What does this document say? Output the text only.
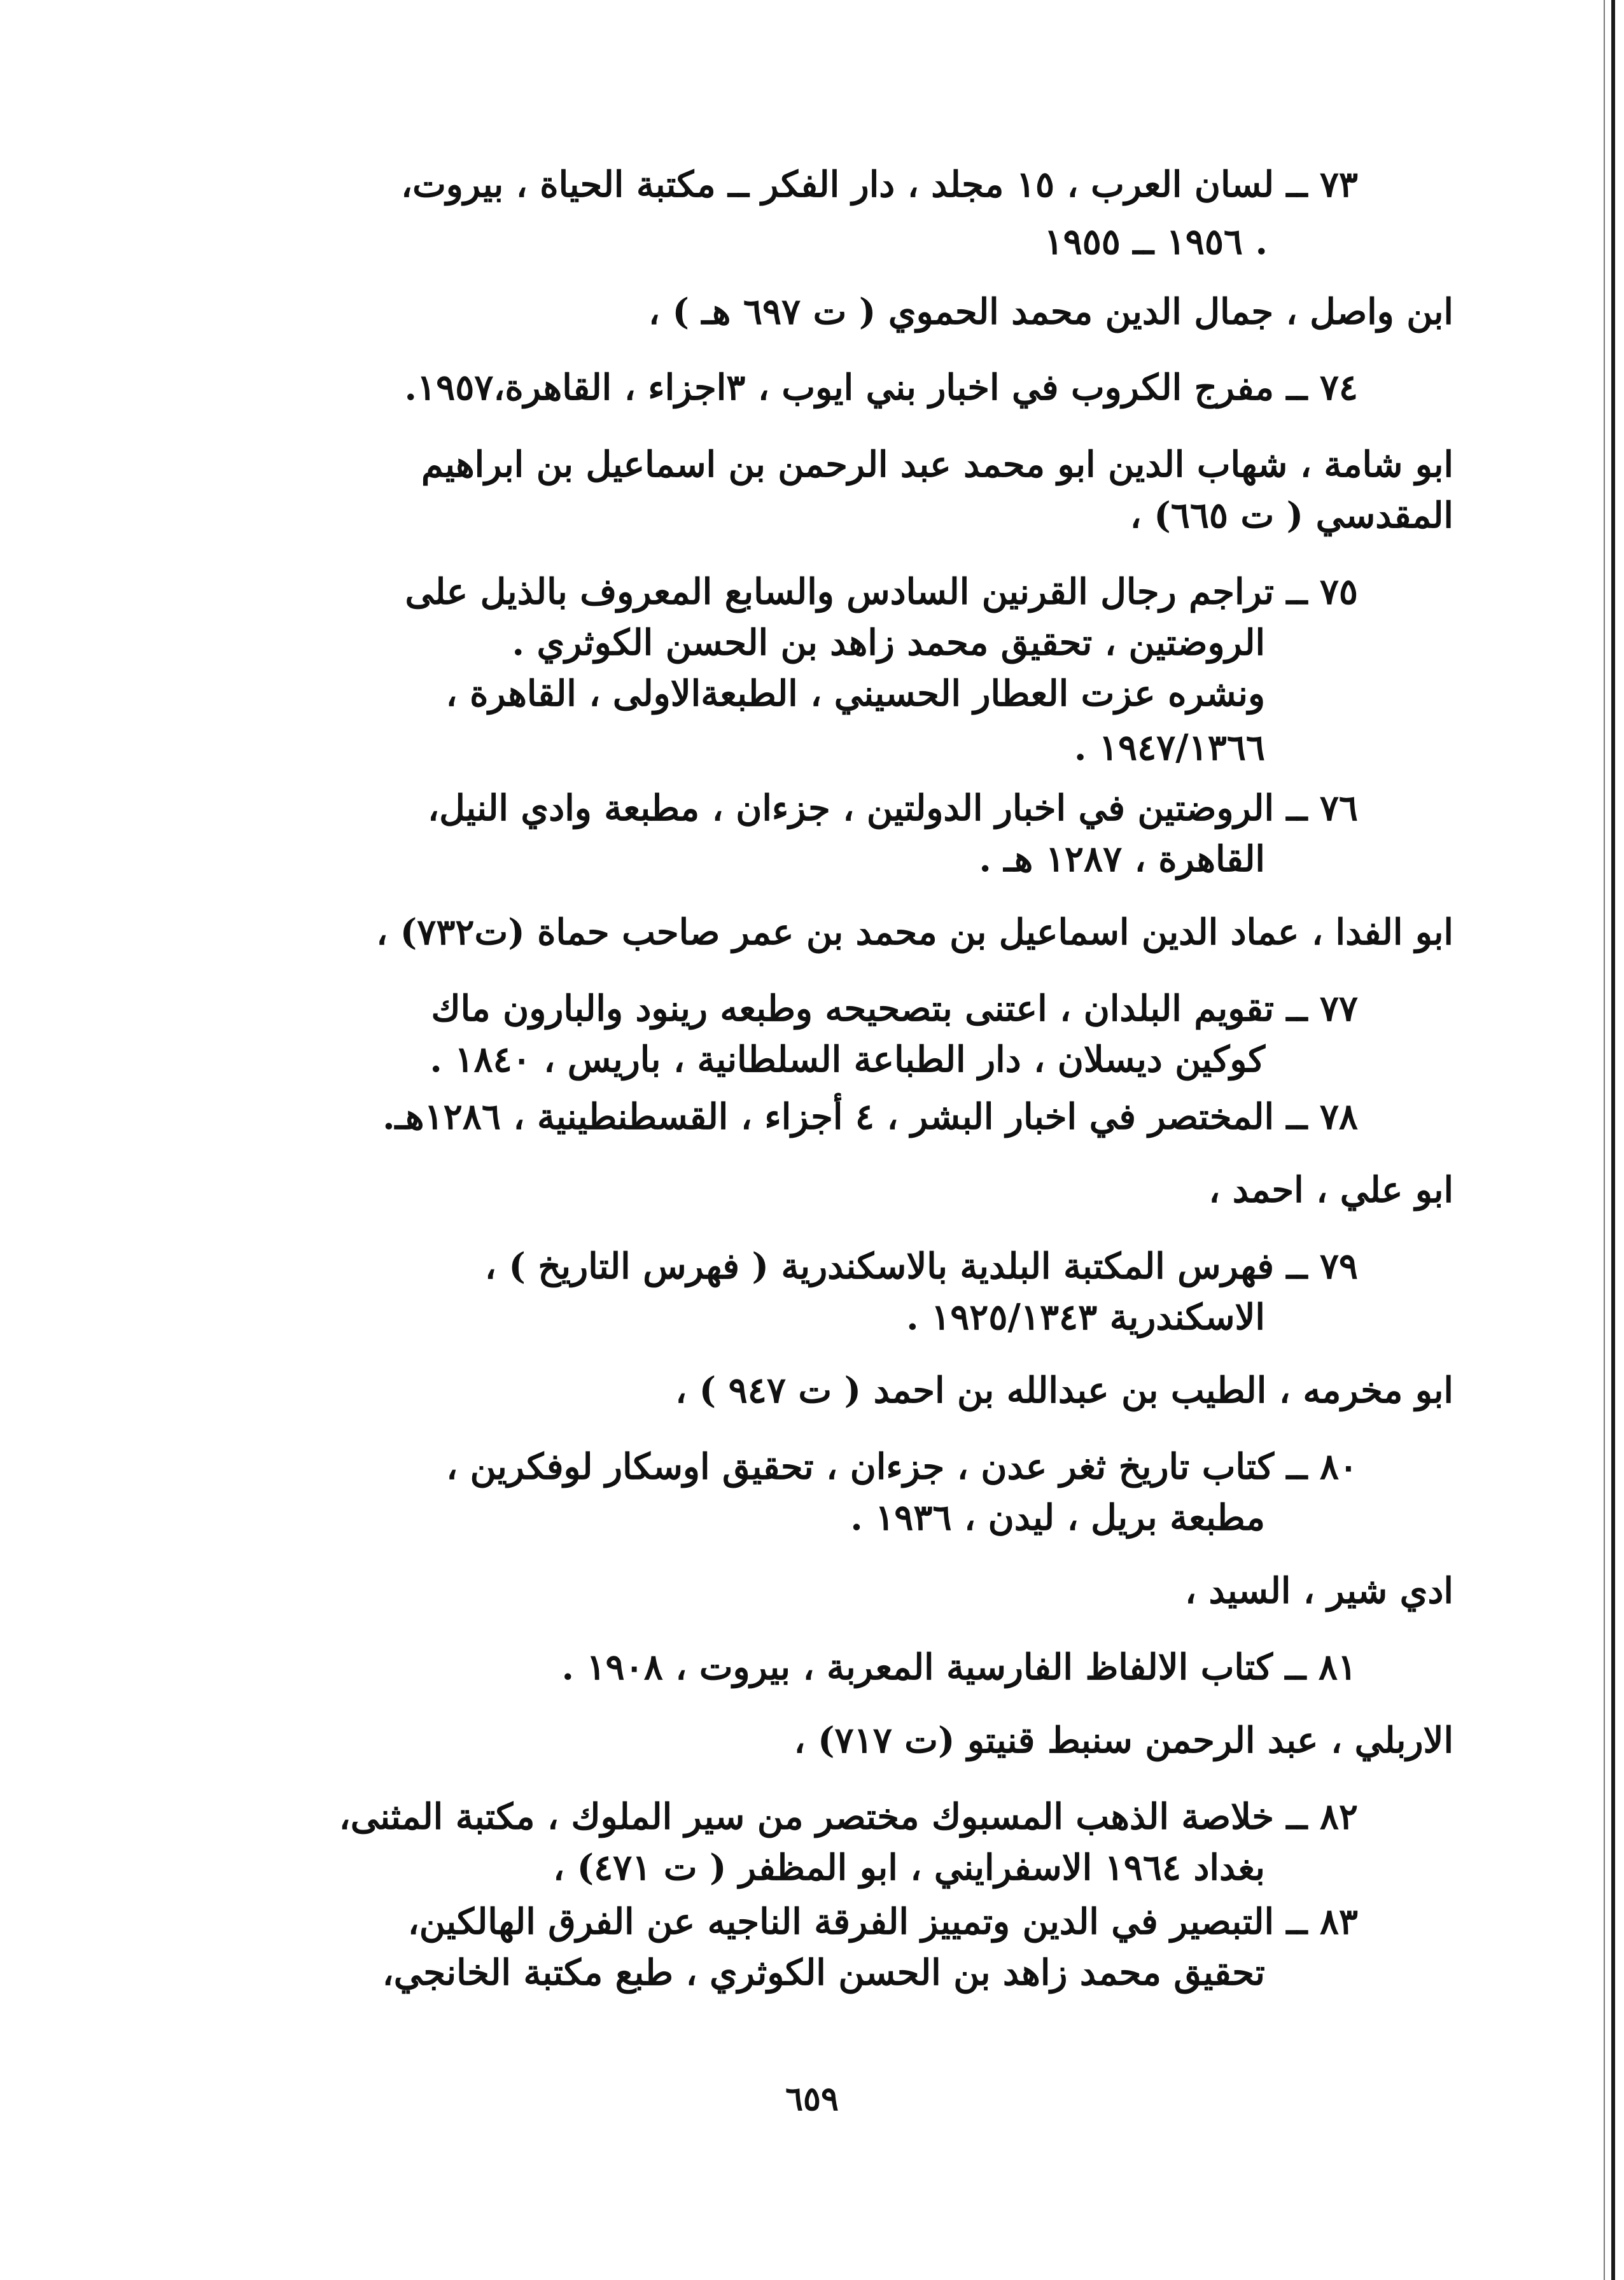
٧٣ ــ لسان العرب ، ١٥ مجلد ، دار الفكر ــ مكتبة الحياة ، بيروت،
. ١٩٥٦ ــ ١٩٥٥
ابن واصل ، جمال الدين محمد الحموي ( ت ٦٩٧ هـ ) ،
٧٤ ــ مفرج الكروب في اخبار بني ايوب ، ٣اجزاء ، القاهرة،١٩٥٧.
ابو شامة ، شهاب الدين ابو محمد عبد الرحمن بن اسماعيل بن ابراهيم
المقدسي ( ت ٦٦٥) ،
٧٥ ــ تراجم رجال القرنين السادس والسابع المعروف بالذيل على
الروضتين ، تحقيق محمد زاهد بن الحسن الكوثري .
ونشره عزت العطار الحسيني ، الطبعةالاولى ، القاهرة ،
. ١٩٤٧/١٣٦٦
٧٦ ــ الروضتين في اخبار الدولتين ، جزءان ، مطبعة وادي النيل،
القاهرة ، ١٢٨٧ هـ .
ابو الفدا ، عماد الدين اسماعيل بن محمد بن عمر صاحب حماة (ت٧٣٢) ،
٧٧ ــ تقويم البلدان ، اعتنى بتصحيحه وطبعه رينود والبارون ماك
كوكين ديسلان ، دار الطباعة السلطانية ، باريس ، ١٨٤٠ .
٧٨ ــ المختصر في اخبار البشر ، ٤ أجزاء ، القسطنطينية ، ١٢٨٦هـ.
ابو علي ، احمد ،
٧٩ ــ فهرس المكتبة البلدية بالاسكندرية ( فهرس التاريخ ) ،
الاسكندرية ١٩٢٥/١٣٤٣ .
ابو مخرمه ، الطيب بن عبدالله بن احمد ( ت ٩٤٧ ) ،
٨٠ ــ كتاب تاريخ ثغر عدن ، جزءان ، تحقيق اوسكار لوفكرين ،
مطبعة بريل ، ليدن ، ١٩٣٦ .
ادي شير ، السيد ،
٨١ ــ كتاب الالفاظ الفارسية المعربة ، بيروت ، ١٩٠٨ .
الاربلي ، عبد الرحمن سنبط قنيتو (ت ٧١٧) ،
٨٢ ــ خلاصة الذهب المسبوك مختصر من سير الملوك ، مكتبة المثنى،
بغداد ١٩٦٤ الاسفرايني ، ابو المظفر ( ت ٤٧١) ،
٨٣ ــ التبصير في الدين وتمييز الفرقة الناجيه عن الفرق الهالكين،
تحقيق محمد زاهد بن الحسن الكوثري ، طبع مكتبة الخانجي،
٦٥٩
